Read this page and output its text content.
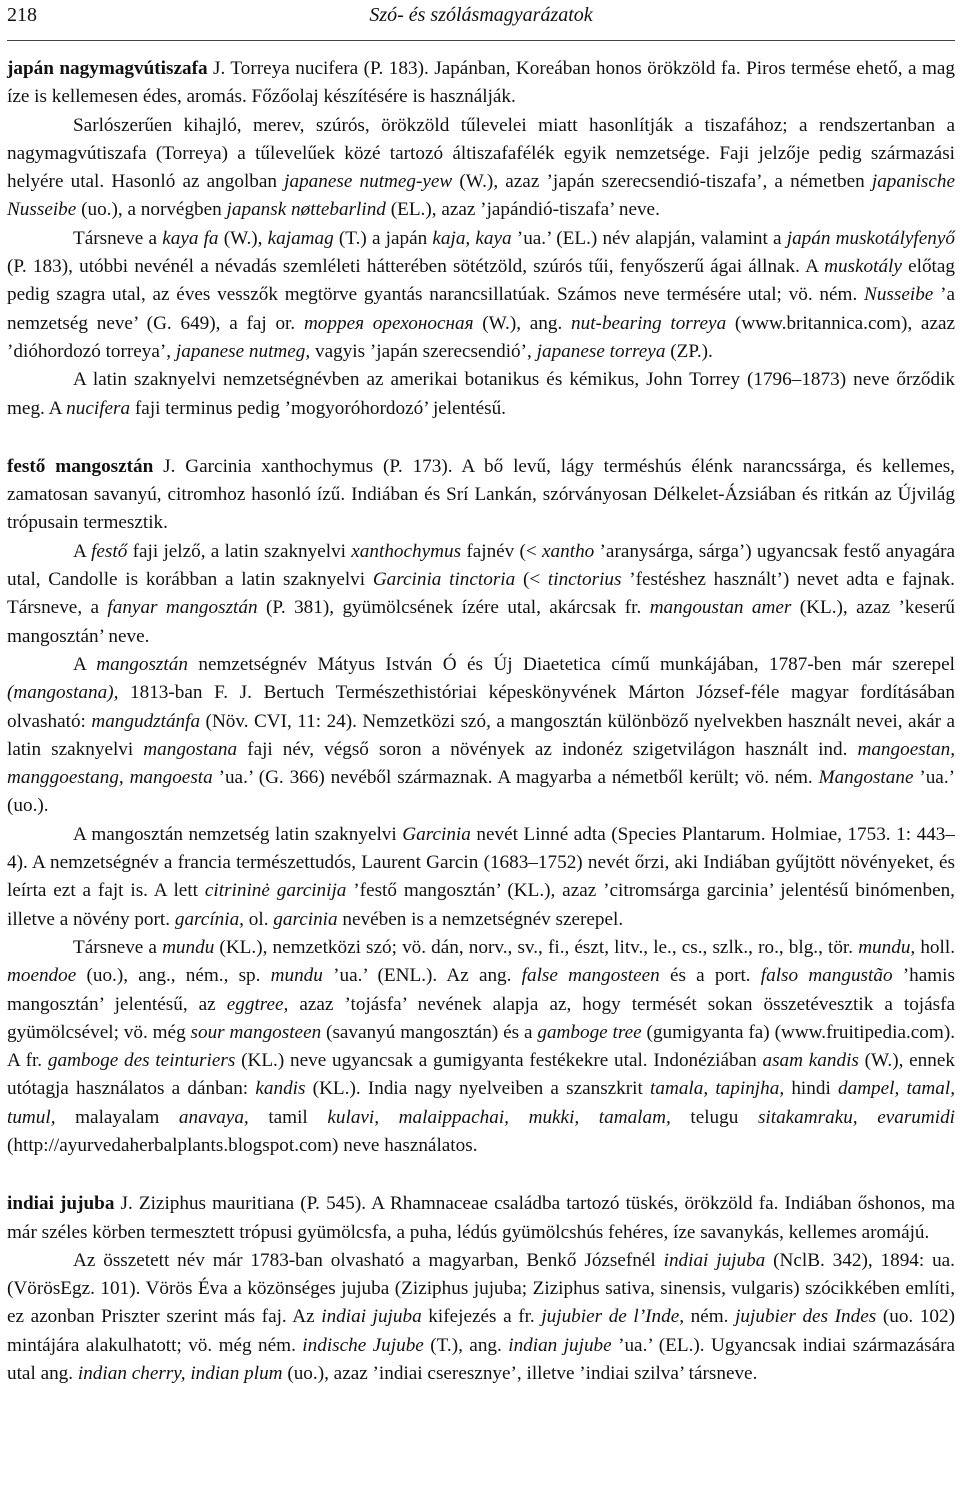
218	Szó- és szólásmagyarázatok

japán nagymagvútiszafa J. Torreya nucifera (P. 183). Japánban, Koreában honos örökzöld fa. Piros termése ehető, a mag íze is kellemesen édes, aromás. Főzőolaj készítésére is használják.

Sarlószerűen kihajló, merev, szúrós, örökzöld tűlevelei miatt hasonlítják a tiszafához; a rendszertanban a nagymagvútiszafa (Torreya) a tűlevelűek közé tartozó áltiszafafélék egyik nemzetsége. Faji jelzője pedig származási helyére utal. Hasonló az angolban japanese nutmeg-yew (W.), azaz ’japán szerecsendió-tiszafa’, a németben japanische Nusseibe (uo.), a norvégben japansk nøttebarlind (EL.), azaz ’japándió-tiszafa’ neve.

Társneve a kaya fa (W.), kajamag (T.) a japán kaja, kaya ’ua.’ (EL.) név alapján, valamint a japán muskotályfenyő (P. 183), utóbbi nevénél a névadás szemléleti hátterében sötétzöld, szúrós tűi, fenyőszerű ágai állnak. A muskotály előtag pedig szagra utal, az éves vesszők megtörve gyantás narancsillatúak. Számos neve termésére utal; vö. ném. Nusseibe ’a nemzetség neve’ (G. 649), a faj or. торрея орехоносная (W.), ang. nut-bearing torreya (www.britannica.com), azaz ’dióhordozó torreya’, japanese nutmeg, vagyis ’japán szerecsendió’, japanese torreya (ZP.).

A latin szaknyelvi nemzetségnévben az amerikai botanikus és kémikus, John Torrey (1796–1873) neve őrződik meg. A nucifera faji terminus pedig ’mogyoróhordozó’ jelentésű.

festő mangosztán J. Garcinia xanthochymus (P. 173). A bő levű, lágy terméshús élénk narancssárga, és kellemes, zamatosan savanyú, citromhoz hasonló ízű. Indiában és Srí Lankán, szórványosan Délkelet-Ázsiában és ritkán az Újvilág trópusain termesztik.

A festő faji jelző, a latin szaknyelvi xanthochymus fajnév (< xantho ’aranysárga, sárga’) ugyancsak festő anyagára utal, Candolle is korábban a latin szaknyelvi Garcinia tinctoria (< tinctorius ’festéshez használt’) nevet adta e fajnak. Társneve, a fanyar mangosztán (P. 381), gyümölcsének ízére utal, akárcsak fr. mangoustan amer (KL.), azaz ’keserű mangosztán’ neve.

A mangosztán nemzetségnév Mátyus István Ó és Új Diaetetica című munkájában, 1787-ben már szerepel (mangostana), 1813-ban F. J. Bertuch Természethistóriai képeskönyvének Márton József-féle magyar fordításában olvasható: mangudztánfa (Növ. CVI, 11: 24). Nemzetközi szó, a mangosztán különböző nyelvekben használt nevei, akár a latin szaknyelvi mangostana faji név, végső soron a növények az indonéz szigetvilágon használt ind. mangoestan, manggoestang, mangoesta ’ua.’ (G. 366) nevéből származnak. A magyarba a németből került; vö. ném. Mangostane ’ua.’ (uo.).

A mangosztán nemzetség latin szaknyelvi Garcinia nevét Linné adta (Species Plantarum. Holmiae, 1753. 1: 443–4). A nemzetségnév a francia természettudós, Laurent Garcin (1683–1752) nevét őrzi, aki Indiában gyűjtött növényeket, és leírta ezt a fajt is. A lett citrininė garcinija ’festő mangosztán’ (KL.), azaz ’citromsárga garcinia’ jelentésű binómenben, illetve a növény port. garcínia, ol. garcinia nevében is a nemzetségnév szerepel.

Társneve a mundu (KL.), nemzetközi szó; vö. dán, norv., sv., fi., észt, litv., le., cs., szlk., ro., blg., tör. mundu, holl. moendoe (uo.), ang., ném., sp. mundu ’ua.’ (ENL.). Az ang. false mangosteen és a port. falso mangustão ’hamis mangosztán’ jelentésű, az eggtree, azaz ’tojásfa’ nevének alapja az, hogy termését sokan összetévesztik a tojásfa gyümölcsével; vö. még sour mangosteen (savanyú mangosztán) és a gamboge tree (gumigyanta fa) (www.fruitipedia.com). A fr. gamboge des teinturiers (KL.) neve ugyancsak a gumigyanta festékekre utal. Indonéziában asam kandis (W.), ennek utótagja használatos a dánban: kandis (KL.). India nagy nyelveiben a szanszkrit tamala, tapinjha, hindi dampel, tamal, tumul, malayalam anavaya, tamil kulavi, malaippachai, mukki, tamalam, telugu sitakamraku, evarumidi (http://ayurvedaherbalplants.blogspot.com) neve használatos.

indiai jujuba J. Ziziphus mauritiana (P. 545). A Rhamnaceae családba tartozó tüskés, örökzöld fa. Indiában őshonos, ma már széles körben termesztett trópusi gyümölcsfa, a puha, lédús gyümölcshús fehéres, íze savanykás, kellemes aromájú.

Az összetett név már 1783-ban olvasható a magyarban, Benkő Józsefnél indiai jujuba (NclB. 342), 1894: ua. (VörösEgz. 101). Vörös Éva a közönséges jujuba (Ziziphus jujuba; Ziziphus sativa, sinensis, vulgaris) szócikkében említi, ez azonban Priszter szerint más faj. Az indiai jujuba kifejezés a fr. jujubier de l’Inde, ném. jujubier des Indes (uo. 102) mintájára alakulhatott; vö. még ném. indische Jujube (T.), ang. indian jujube ’ua.’ (EL.). Ugyancsak indiai származására utal ang. indian cherry, indian plum (uo.), azaz ’indiai cseresznye’, illetve ’indiai szilva’ társneve.
